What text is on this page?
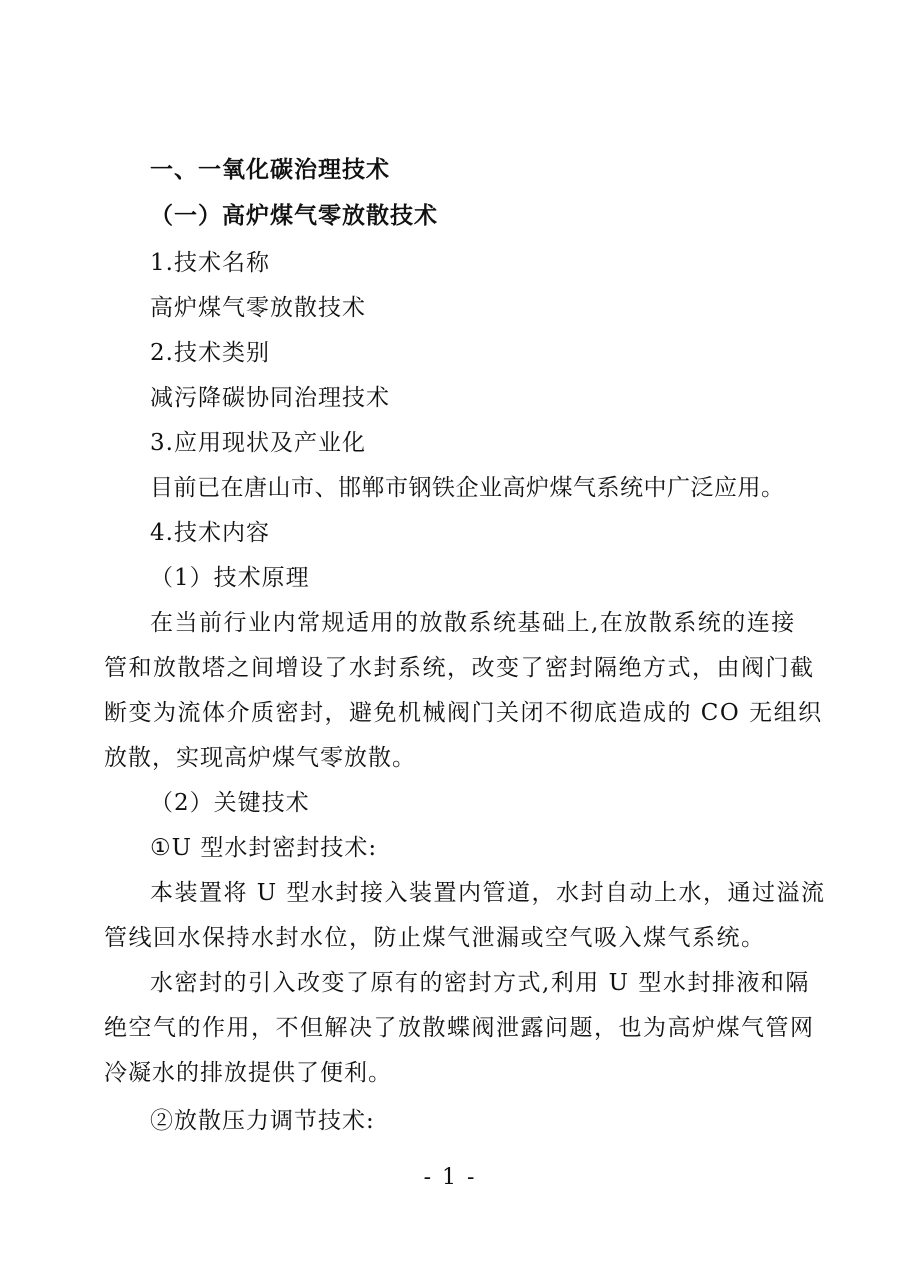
一、一氧化碳治理技术
（一）高炉煤气零放散技术
1.技术名称
高炉煤气零放散技术
2.技术类别
减污降碳协同治理技术
3.应用现状及产业化
目前已在唐山市、邯郸市钢铁企业高炉煤气系统中广泛应用。
4.技术内容
（1）技术原理
在当前行业内常规适用的放散系统基础上,在放散系统的连接
管和放散塔之间增设了水封系统，改变了密封隔绝方式，由阀门截
断变为流体介质密封，避免机械阀门关闭不彻底造成的 CO 无组织
放散，实现高炉煤气零放散。
（2）关键技术
①U 型水封密封技术:
本装置将 U 型水封接入装置内管道，水封自动上水，通过溢流
管线回水保持水封水位，防止煤气泄漏或空气吸入煤气系统。
水密封的引入改变了原有的密封方式,利用 U 型水封排液和隔
绝空气的作用，不但解决了放散蝶阀泄露问题，也为高炉煤气管网
冷凝水的排放提供了便利。
②放散压力调节技术:
- 1 -
